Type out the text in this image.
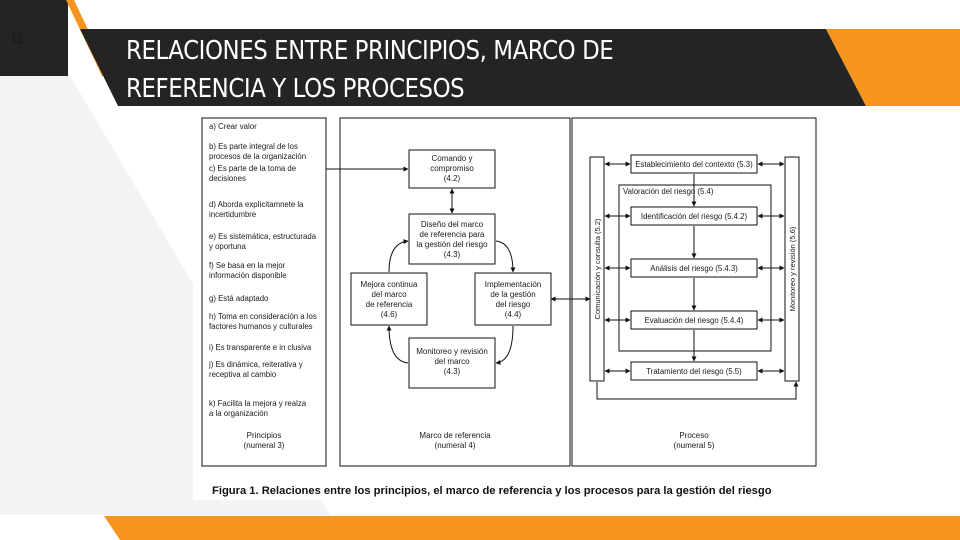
11	RELACIONES ENTRE PRINCIPIOS, MARCO DE
REFERENCIA Y LOS PROCESOS
a) Crear valor
b) Es parte integral de los procesos de la organización
c) Es parte de la toma de decisiones
d) Aborda explícitamnete la incertidumbre
e) Es sistemática, estructurada y oportuna
f) Se basa en la mejor información disponible
g) Está adaptado
h) Toma en consideración a los factores humanos y culturales
i) Es transparente e in clusiva
j) Es dinámica, reiterativa y receptiva al cambio
k) Facilita la mejora y realza a la organización
Principios (numeral 3)
Comando y compromiso (4.2)
Diseño del marco de referencia para la gestión del riesgo (4.3)
Mejora continua del marco de referencia (4.6)
Implementación de la gestión del riesgo (4.4)
Monitoreo y revisión del marco (4.3)
Marco de referencia (numeral 4)
Establecimiento del contexto (5.3)
Valoración del riesgo (5.4)
Identificación del riesgo (5.4.2)
Análisis del riesgo (5.4.3)
Evaluación del riesgo (5.4.4)
Tratamiento del riesgo (5.5)
Comunicación y consulta (5.2)	Monitoreo y revisión (5.6)
Proceso (numeral 5)
Figura 1. Relaciones entre los principios, el marco de referencia y los procesos para la gestión del riesgo
